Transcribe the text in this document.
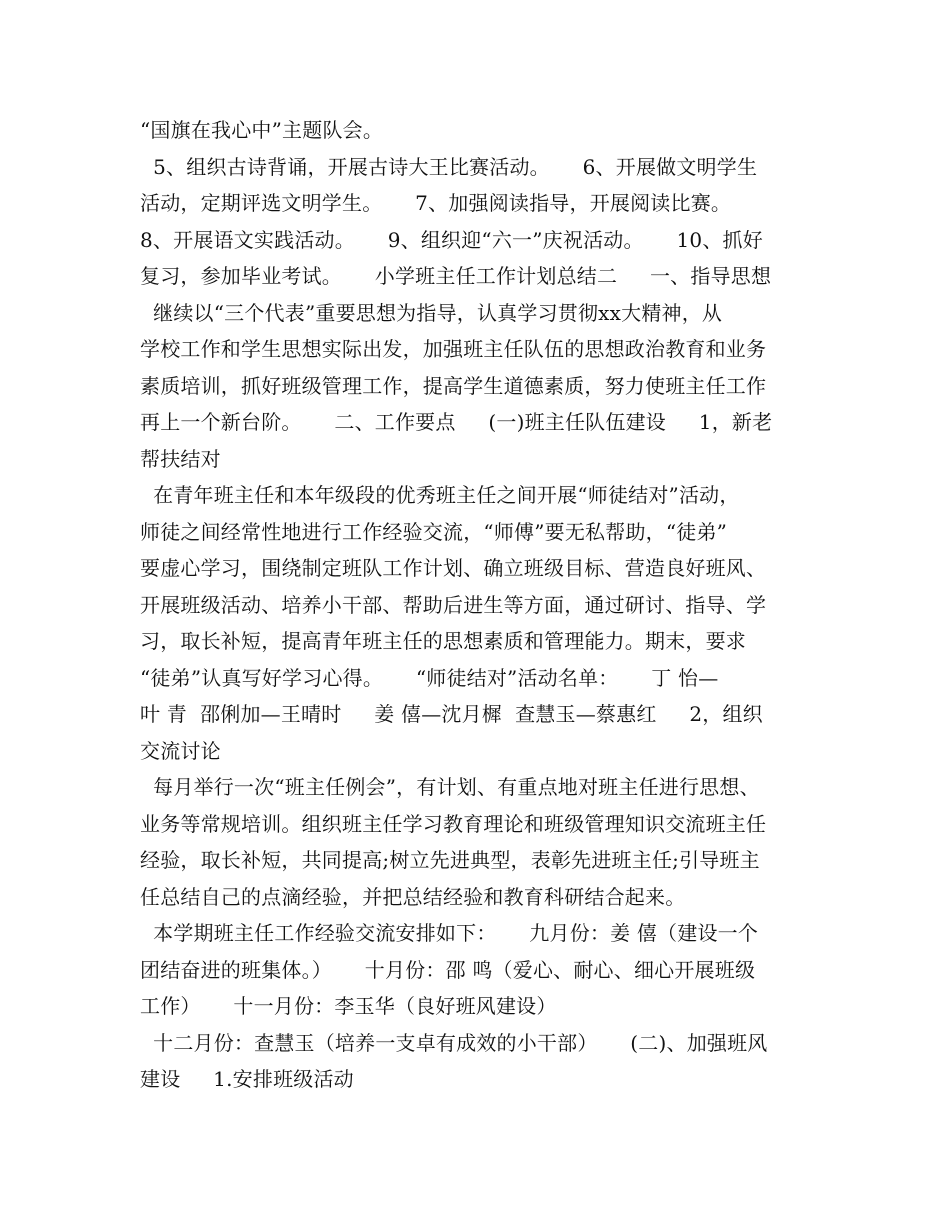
“国旗在我心中”主题队会。
5、组织古诗背诵，开展古诗大王比赛活动。     6、开展做文明学生
活动，定期评选文明学生。     7、加强阅读指导，开展阅读比赛。
8、开展语文实践活动。     9、组织迎“六一”庆祝活动。     10、抓好
复习，参加毕业考试。     小学班主任工作计划总结二     一、指导思想
继续以“三个代表”重要思想为指导，认真学习贯彻xx大精神，从
学校工作和学生思想实际出发，加强班主任队伍的思想政治教育和业务
素质培训，抓好班级管理工作，提高学生道德素质，努力使班主任工作
再上一个新台阶。     二、工作要点     (一)班主任队伍建设     1，新老
帮扶结对
在青年班主任和本年级段的优秀班主任之间开展“师徒结对”活动，
师徒之间经常性地进行工作经验交流，“师傅”要无私帮助，“徒弟”
要虚心学习，围绕制定班队工作计划、确立班级目标、营造良好班风、
开展班级活动、培养小干部、帮助后进生等方面，通过研讨、指导、学
习，取长补短，提高青年班主任的思想素质和管理能力。期末，要求
“徒弟”认真写好学习心得。     “师徒结对”活动名单：     丁 怡—
叶 青  邵俐加—王晴时     姜 僖—沈月樨  查慧玉—蔡惠红     2，组织
交流讨论
每月举行一次“班主任例会”，有计划、有重点地对班主任进行思想、
业务等常规培训。组织班主任学习教育理论和班级管理知识交流班主任
经验，取长补短，共同提高;树立先进典型，表彰先进班主任;引导班主
任总结自己的点滴经验，并把总结经验和教育科研结合起来。
本学期班主任工作经验交流安排如下：     九月份：姜 僖（建设一个
团结奋进的班集体。）     十月份：邵 鸣（爱心、耐心、细心开展班级
工作）     十一月份：李玉华（良好班风建设）
十二月份：查慧玉（培养一支卓有成效的小干部）     (二)、加强班风
建设     1.安排班级活动
